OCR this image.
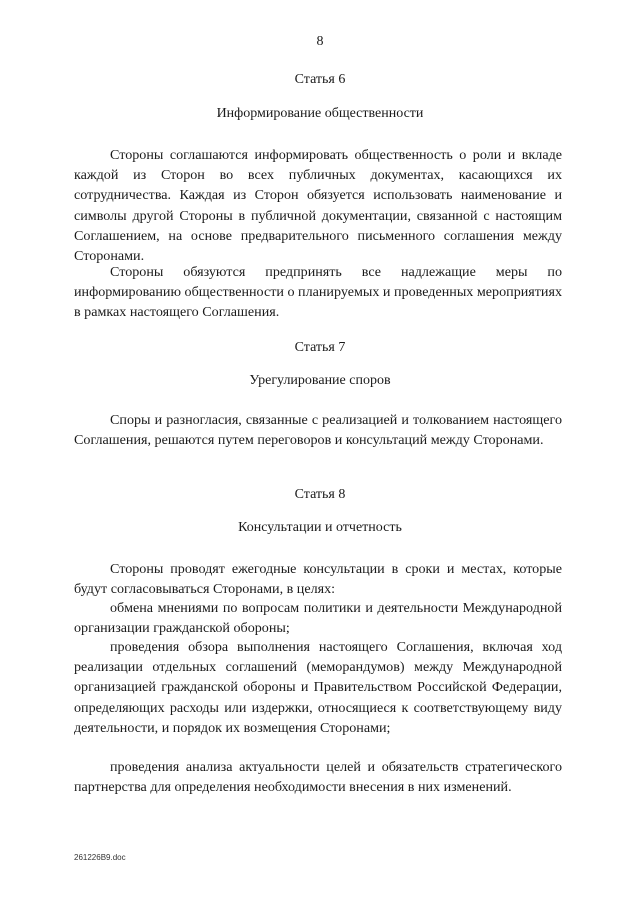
8
Статья 6
Информирование общественности

Стороны соглашаются информировать общественность о роли и вкладе каждой из Сторон во всех публичных документах, касающихся их сотрудничества. Каждая из Сторон обязуется использовать наименование и символы другой Стороны в публичной документации, связанной с настоящим Соглашением, на основе предварительного письменного соглашения между Сторонами.

Стороны обязуются предпринять все надлежащие меры по информированию общественности о планируемых и проведенных мероприятиях в рамках настоящего Соглашения.

Статья 7
Урегулирование споров

Споры и разногласия, связанные с реализацией и толкованием настоящего Соглашения, решаются путем переговоров и консультаций между Сторонами.

Статья 8
Консультации и отчетность

Стороны проводят ежегодные консультации в сроки и местах, которые будут согласовываться Сторонами, в целях:

обмена мнениями по вопросам политики и деятельности Международной организации гражданской обороны;

проведения обзора выполнения настоящего Соглашения, включая ход реализации отдельных соглашений (меморандумов) между Международной организацией гражданской обороны и Правительством Российской Федерации, определяющих расходы или издержки, относящиеся к соответствующему виду деятельности, и порядок их возмещения Сторонами;

проведения анализа актуальности целей и обязательств стратегического партнерства для определения необходимости внесения в них изменений.

261226В9.doc
